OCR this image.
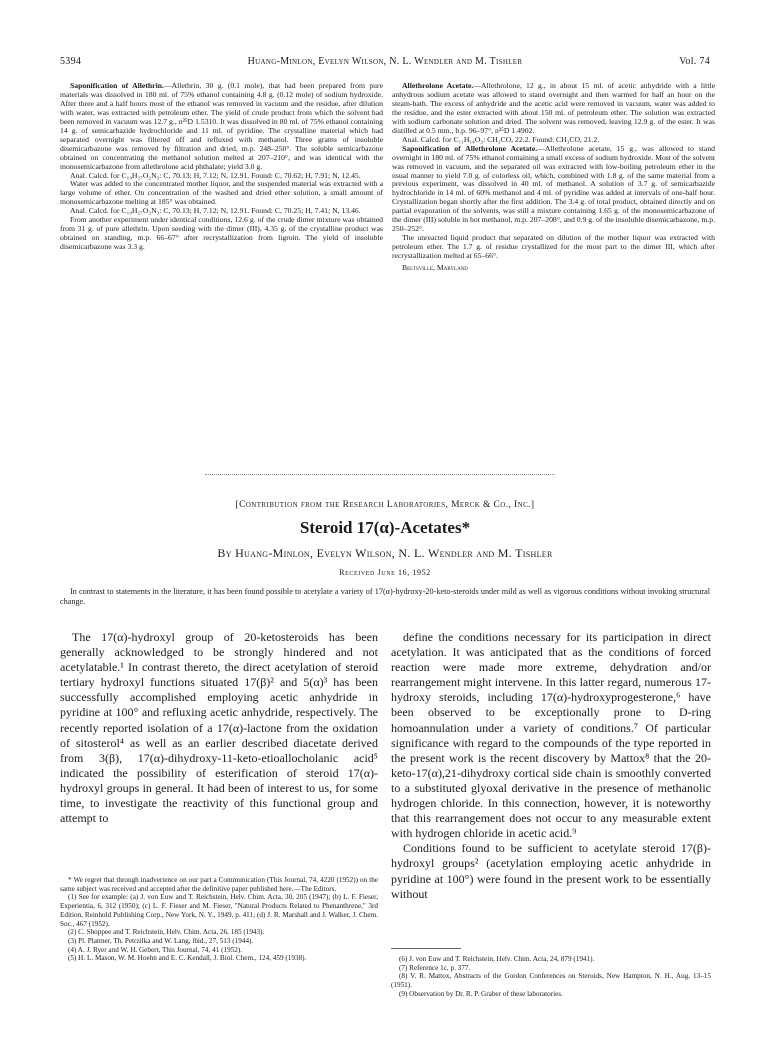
5394	Huang-Minlon, Evelyn Wilson, N. L. Wendler and M. Tishler	Vol. 74

Saponification of Allethrin.—Allethrin, 30 g. (0.1 mole), that had been prepared from pure materials was dissolved in 180 ml. of 75% ethanol containing 4.8 g. (0.12 mole) of sodium hydroxide. After three and a half hours most of the ethanol was removed in vacuum and the residue, after dilution with water, was extracted with petroleum ether. The yield of crude product from which the solvent had been removed in vacuum was 12.7 g., n²⁵D 1.5310. It was dissolved in 80 ml. of 75% ethanol containing 14 g. of semicarbazide hydrochloride and 11 ml. of pyridine. The crystalline material which had separated overnight was filtered off and refluxed with methanol. Three grams of insoluble disemicarbazone was removed by filtration and dried, m.p. 248–250°. The soluble semicarbazone obtained on concentrating the methanol solution melted at 207–210°, and was identical with the monosemicarbazone from allethrolone acid phthalate; yield 3.0 g.

Anal. Calcd. for C₁₉H₂₇O₂N₃: C, 70.13; H, 7.12; N, 12.91. Found: C, 70.62; H, 7.91; N, 12.45.

Water was added to the concentrated mother liquor, and the suspended material was extracted with a large volume of ether. On concentration of the washed and dried ether solution, a small amount of monosemicarbazone melting at 185° was obtained.

Anal. Calcd. for C₁₉H₂₇O₂N₃: C, 70.13; H, 7.12; N, 12.91. Found: C, 70.25; H, 7.41; N, 13.46.

From another experiment under identical conditions, 12.6 g. of the crude dimer mixture was obtained from 31 g. of pure allethrin. Upon seeding with the dimer (III), 4.35 g. of the crystalline product was obtained on standing, m.p. 66–67° after recrystallization from ligroin. The yield of insoluble disemicarbazone was 3.3 g.

Allethrolone Acetate.—Allethrolone, 12 g., in about 15 ml. of acetic anhydride with a little anhydrous sodium acetate was allowed to stand overnight and then warmed for half an hour on the steam-bath. The excess of anhydride and the acetic acid were removed in vacuum, water was added to the residue, and the ester extracted with about 150 ml. of petroleum ether. The solution was extracted with sodium carbonate solution and dried. The solvent was removed, leaving 12.9 g. of the ester. It was distilled at 0.5 mm., b.p. 96–97°, n²⁵D 1.4902.

Anal. Calcd. for C₁₁H₁₄O₃: CH₃CO, 22.2. Found: CH₃CO, 21.2.

Saponification of Allethrolone Acetate.—Allethrolone acetate, 15 g., was allowed to stand overnight in 180 ml. of 75% ethanol containing a small excess of sodium hydroxide. Most of the solvent was removed in vacuum, and the separated oil was extracted with low-boiling petroleum ether in the usual manner to yield 7.0 g. of colorless oil, which, combined with 1.8 g. of the same material from a previous experiment, was dissolved in 40 ml. of methanol. A solution of 3.7 g. of semicarbazide hydrochloride in 14 ml. of 60% methanol and 4 ml. of pyridine was added at intervals of one-half hour. Crystallization began shortly after the first addition. The 3.4 g. of total product, obtained directly and on partial evaporation of the solvents, was still a mixture containing 1.65 g. of the monosemicarbazone of the dimer (III) soluble in hot methanol, m.p. 207–208°, and 0.9 g. of the insoluble disemicarbazone, m.p. 250–252°.

The unreacted liquid product that separated on dilution of the mother liquor was extracted with petroleum ether. The 1.7 g. of residue crystallized for the most part to the dimer III, which after recrystallization melted at 65–66°.

Beltsville, Maryland

[Contribution from the Research Laboratories, Merck & Co., Inc.]
Steroid 17(α)-Acetates*
By Huang-Minlon, Evelyn Wilson, N. L. Wendler and M. Tishler
Received June 16, 1952
In contrast to statements in the literature, it has been found possible to acetylate a variety of 17(α)-hydroxy-20-keto-steroids under mild as well as vigorous conditions without invoking structural change.

The 17(α)-hydroxyl group of 20-ketosteroids has been generally acknowledged to be strongly hindered and not acetylatable.¹ In contrast thereto, the direct acetylation of steroid tertiary hydroxyl functions situated 17(β)² and 5(α)³ has been successfully accomplished employing acetic anhydride in pyridine at 100° and refluxing acetic anhydride, respectively. The recently reported isolation of a 17(α)-lactone from the oxidation of sitosterol⁴ as well as an earlier described diacetate derived from 3(β), 17(α)-dihydroxy-11-keto-etioallocholanic acid⁵ indicated the possibility of esterification of steroid 17(α)-hydroxyl groups in general. It had been of interest to us, for some time, to investigate the reactivity of this functional group and attempt to

define the conditions necessary for its participation in direct acetylation. It was anticipated that as the conditions of forced reaction were made more extreme, dehydration and/or rearrangement might intervene. In this latter regard, numerous 17-hydroxy steroids, including 17(α)-hydroxyprogesterone,⁶ have been observed to be exceptionally prone to D-ring homoannulation under a variety of conditions.⁷ Of particular significance with regard to the compounds of the type reported in the present work is the recent discovery by Mattox⁸ that the 20-keto-17(α),21-dihydroxy cortical side chain is smoothly converted to a substituted glyoxal derivative in the presence of methanolic hydrogen chloride. In this connection, however, it is noteworthy that this rearrangement does not occur to any measurable extent with hydrogen chloride in acetic acid.⁹

Conditions found to be sufficient to acetylate steroid 17(β)-hydroxyl groups² (acetylation employing acetic anhydride in pyridine at 100°) were found in the present work to be essentially without

* We regret that through inadvertence on our part a Communication (This Journal, 74, 4220 (1952)) on the same subject was received and accepted after the definitive paper published here.—The Editors.

(1) See for example: (a) J. von Euw and T. Reichstein, Helv. Chim. Acta, 30, 205 (1947); (b) L. F. Fieser, Experientia, 6, 312 (1950); (c) L. F. Fieser and M. Fieser, "Natural Products Related to Phenanthrene," 3rd Edition, Reinhold Publishing Corp., New York, N. Y., 1949, p. 411; (d) J. R. Marshall and J. Walker, J. Chem. Soc., 467 (1952).

(2) C. Shoppee and T. Reichstein, Helv. Chim. Acta, 26, 185 (1943).

(3) Pl. Plattner, Th. Petrzilka and W. Lang, ibid., 27, 513 (1944).

(4) A. J. Ryer and W. H. Gebert, This Journal, 74, 41 (1952).

(5) H. L. Mason, W. M. Hoehn and E. C. Kendall, J. Biol. Chem., 124, 459 (1938).	(6) J. von Euw and T. Reichstein, Helv. Chim. Acta, 24, 879 (1941).

(7) Reference 1c, p. 377.

(8) V. R. Mattox, Abstracts of the Gordon Conferences on Steroids, New Hampton, N. H., Aug. 13–15 (1951).

(9) Observation by Dr. R. P. Graber of these laboratories.
